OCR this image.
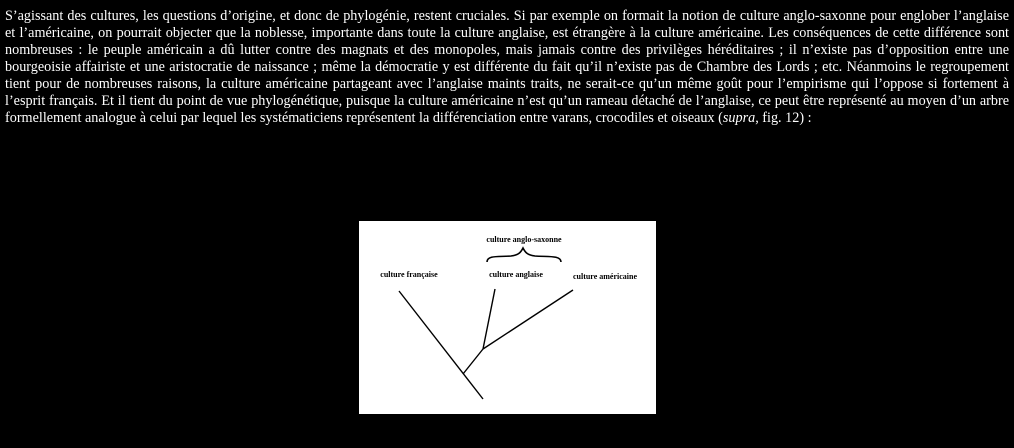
S’agissant des cultures, les questions d’origine, et donc de phylogénie, restent cruciales. Si par exemple on formait la notion de culture anglo-saxonne pour englober l’anglaise et l’américaine, on pourrait objecter que la noblesse, importante dans toute la culture anglaise, est étrangère à la culture américaine. Les conséquences de cette différence sont nombreuses : le peuple américain a dû lutter contre des magnats et des monopoles, mais jamais contre des privilèges héréditaires ; il n’existe pas d’opposition entre une bourgeoisie affairiste et une aristocratie de naissance ; même la démocratie y est différente du fait qu’il n’existe pas de Chambre des Lords ; etc. Néanmoins le regroupement tient pour de nombreuses raisons, la culture américaine partageant avec l’anglaise maints traits, ne serait-ce qu’un même goût pour l’empirisme qui l’oppose si fortement à l’esprit français. Et il tient du point de vue phylogénétique, puisque la culture américaine n’est qu’un rameau détaché de l’anglaise, ce peut être représenté au moyen d’un arbre formellement analogue à celui par lequel les systématiciens représentent la différenciation entre varans, crocodiles et oiseaux (supra, fig. 12) :

culture anglo-saxonne
culture française	culture anglaise	culture américaine
